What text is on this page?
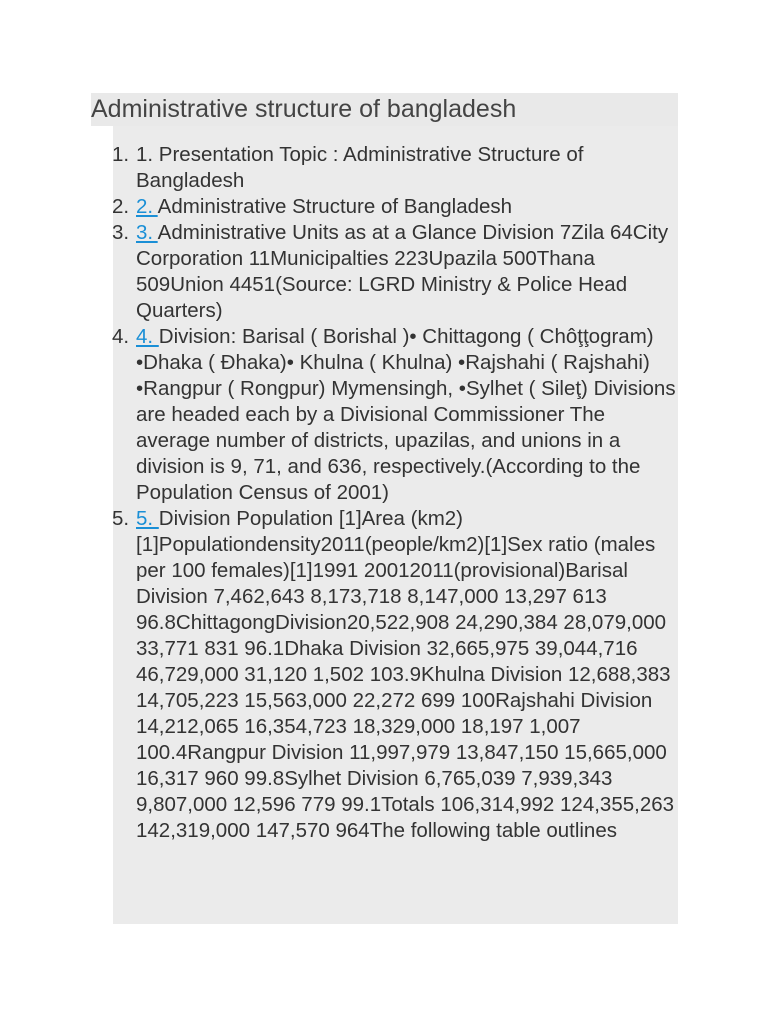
Administrative structure of bangladesh
1. 1. Presentation Topic : Administrative Structure of Bangladesh
2. 2. Administrative Structure of Bangladesh
3. 3. Administrative Units as at a Glance Division 7Zila 64City Corporation 11Municipalties 223Upazila 500Thana 509Union 4451(Source: LGRD Ministry & Police Head Quarters)
4. 4. Division: Barisal ( Borishal )• Chittagong ( Chôţţogram) •Dhaka ( Đhaka)• Khulna ( Khulna) •Rajshahi ( Rajshahi) •Rangpur ( Rongpur) Mymensingh, •Sylhet ( Sileţ) Divisions are headed each by a Divisional Commissioner The average number of districts, upazilas, and unions in a division is 9, 71, and 636, respectively.(According to the Population Census of 2001)
5. 5. Division Population [1]Area (km2) [1]Populationdensity2011(people/km2)[1]Sex ratio (males per 100 females)[1]1991 20012011(provisional)Barisal Division 7,462,643 8,173,718 8,147,000 13,297 613 96.8ChittagongDivision20,522,908 24,290,384 28,079,000 33,771 831 96.1Dhaka Division 32,665,975 39,044,716 46,729,000 31,120 1,502 103.9Khulna Division 12,688,383 14,705,223 15,563,000 22,272 699 100Rajshahi Division 14,212,065 16,354,723 18,329,000 18,197 1,007 100.4Rangpur Division 11,997,979 13,847,150 15,665,000 16,317 960 99.8Sylhet Division 6,765,039 7,939,343 9,807,000 12,596 779 99.1Totals 106,314,992 124,355,263 142,319,000 147,570 964The following table outlines
